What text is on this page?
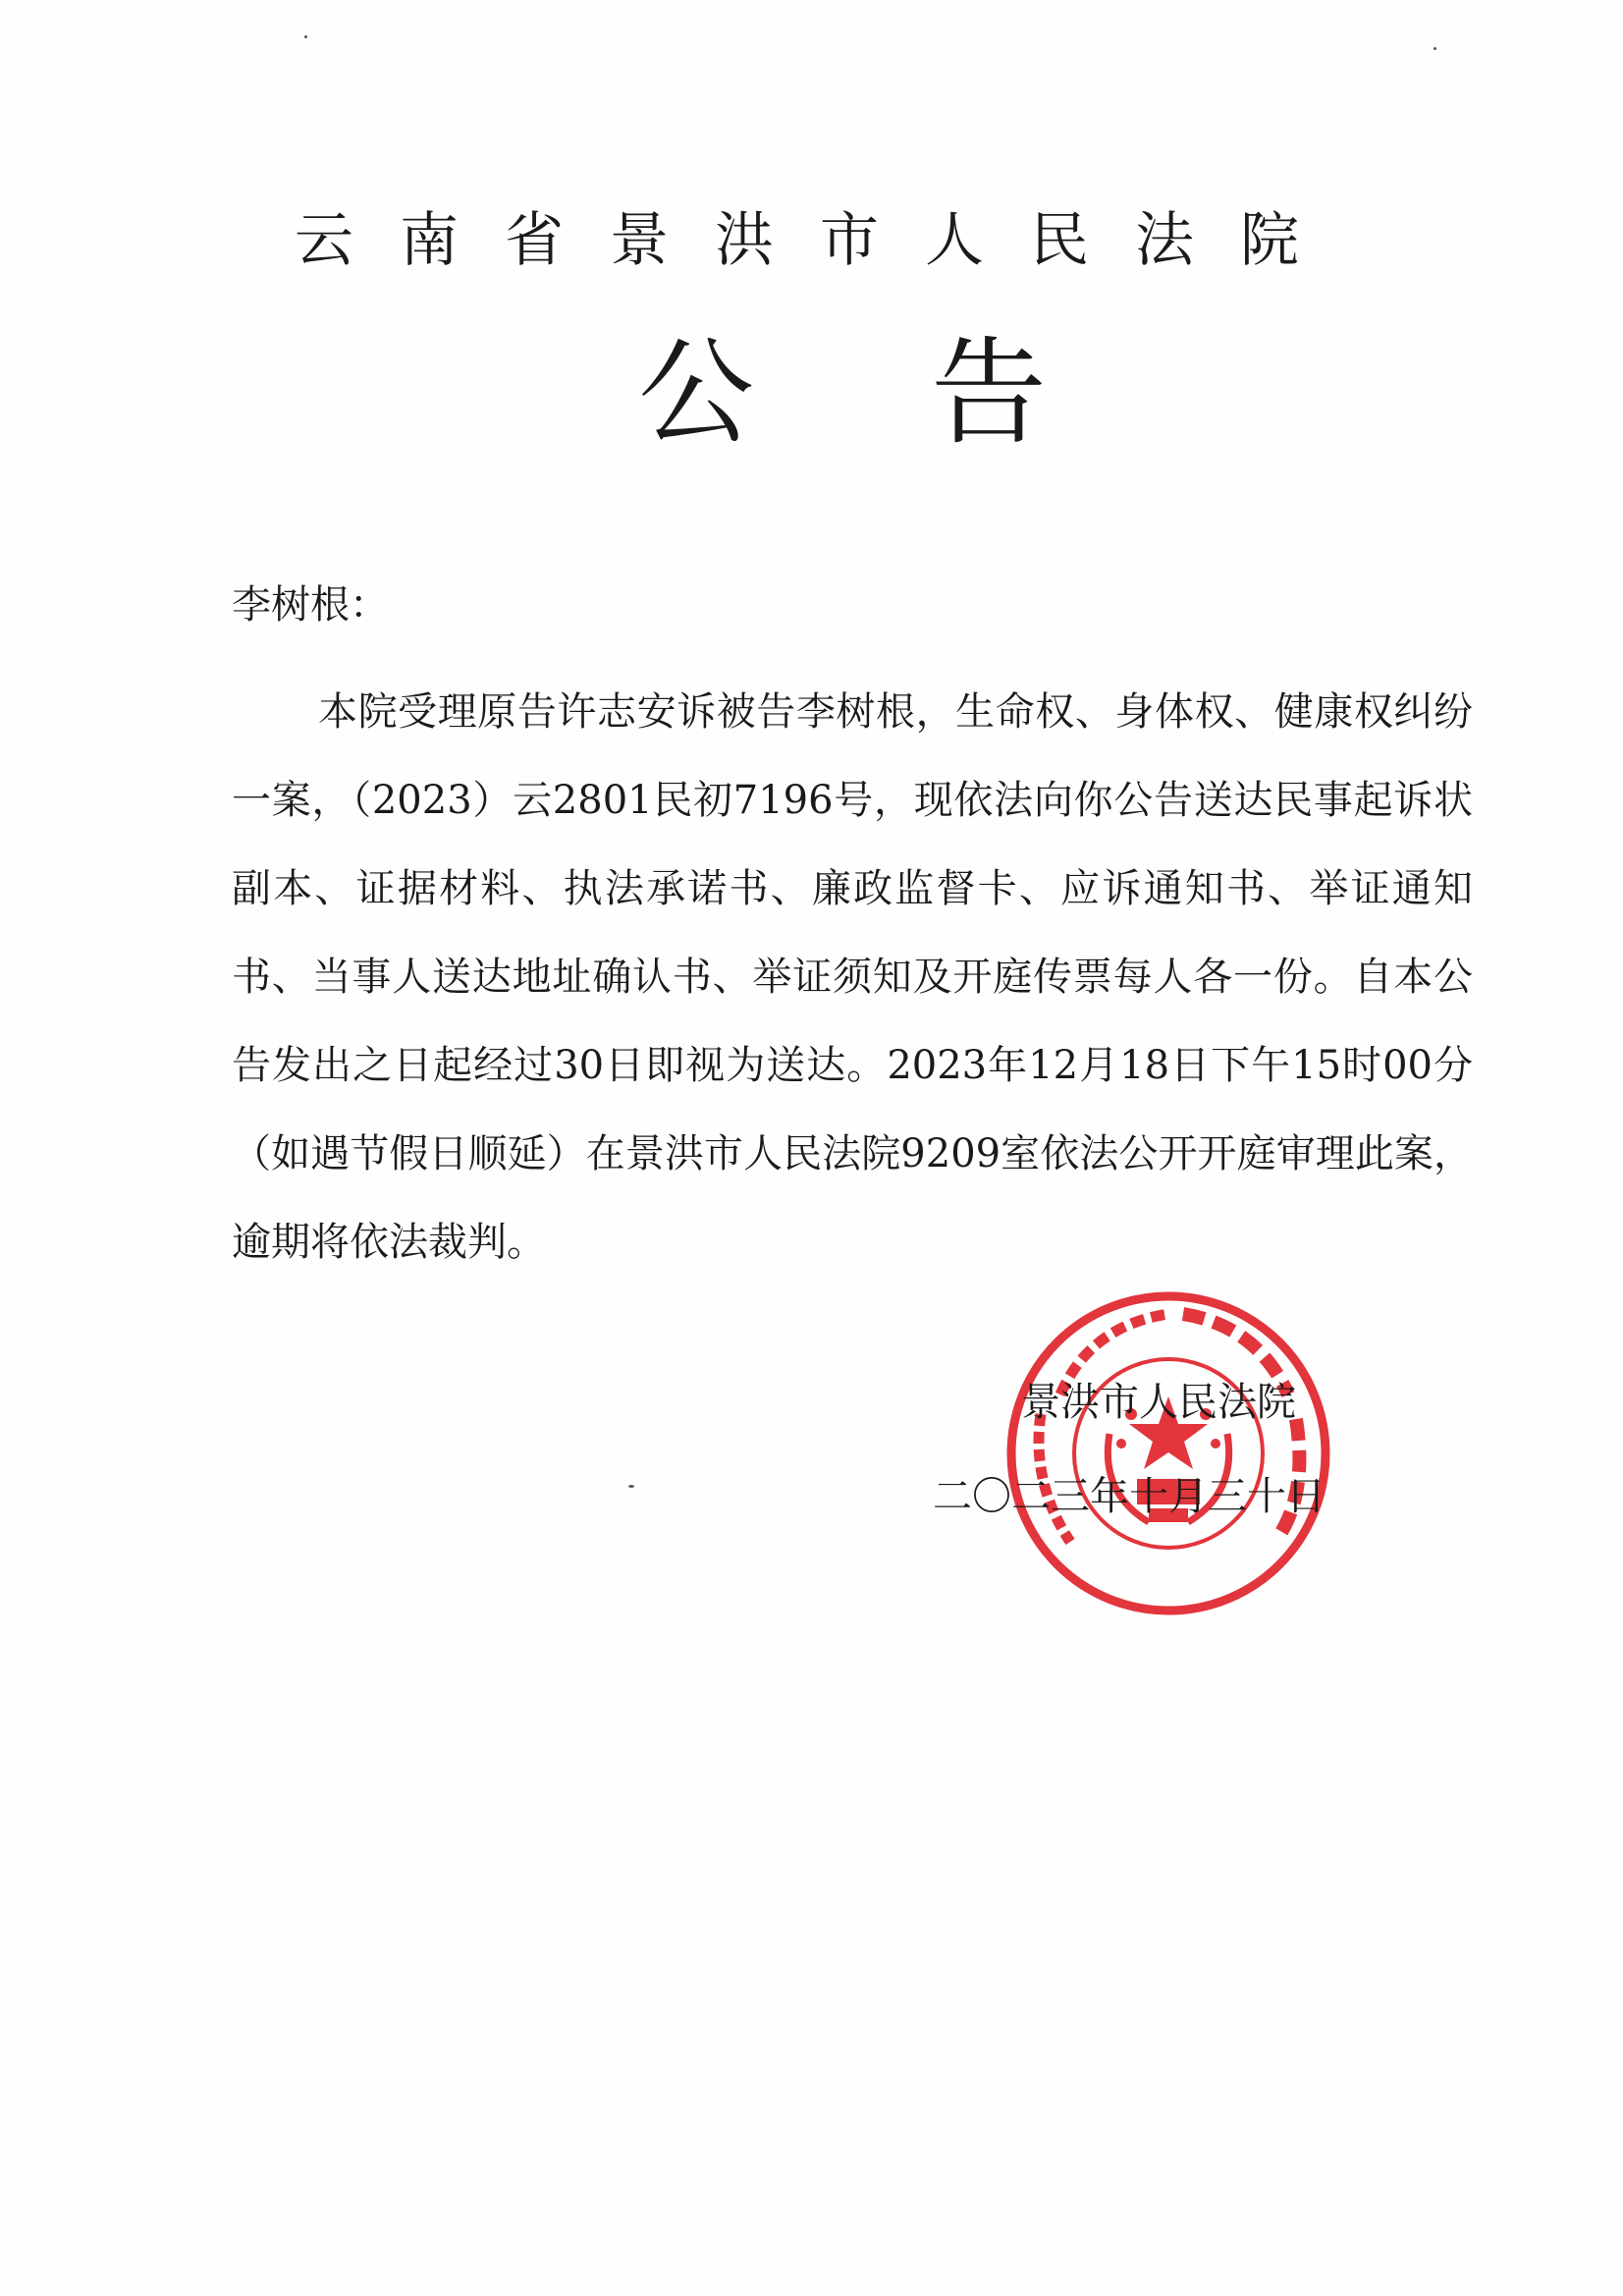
云南省景洪市人民法院
公告
李树根：

本院受理原告许志安诉被告李树根，生命权、身体权、健康权纠纷一案，（2023）云2801民初7196号，现依法向你公告送达民事起诉状副本、证据材料、执法承诺书、廉政监督卡、应诉通知书、举证通知书、当事人送达地址确认书、举证须知及开庭传票每人各一份。自本公告发出之日起经过30日即视为送达。2023年12月18日下午15时00分（如遇节假日顺延）在景洪市人民法院9209室依法公开开庭审理此案，逾期将依法裁判。

景洪市人民法院
二〇二三年十月三十日
